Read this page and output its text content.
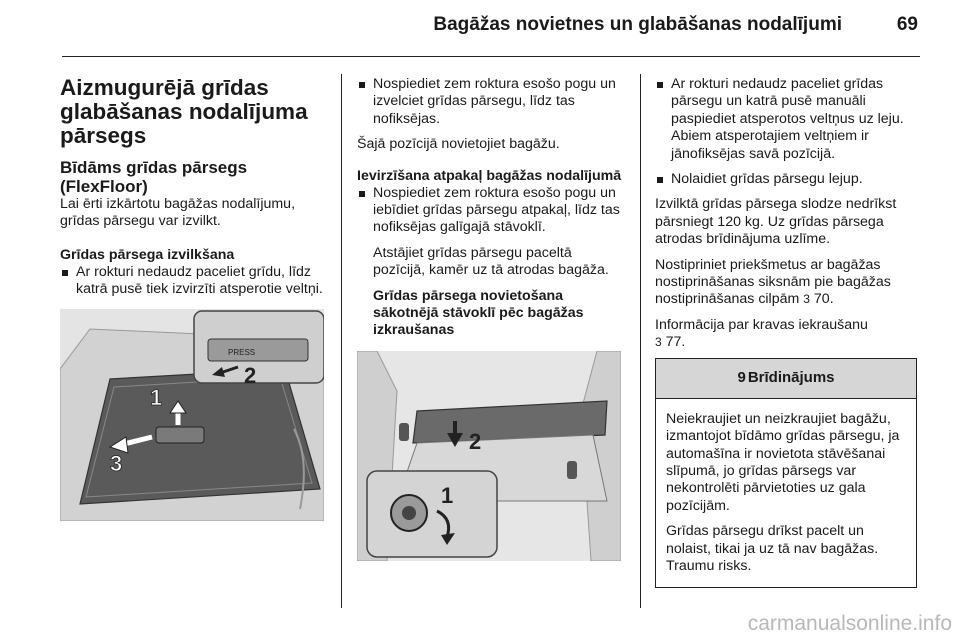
Bagāžas novietnes un glabāšanas nodalījumi	69
Aizmugurējā grīdas glabāšanas nodalījuma pārsegs
Bīdāms grīdas pārsegs (FlexFloor)

Lai ērti izkārtotu bagāžas nodalījumu, grīdas pārsegu var izvilkt.

Grīdas pārsega izvilkšana

Ar rokturi nedaudz paceliet grīdu, līdz katrā pusē tiek izvirzīti atsperotie veltņi.

PRESS
2
1
3

Nospiediet zem roktura esošo pogu un izvelciet grīdas pārsegu, līdz tas nofiksējas.

Šajā pozīcijā novietojiet bagāžu.

Ievirzīšana atpakaļ bagāžas nodalījumā

Nospiediet zem roktura esošo pogu un iebīdiet grīdas pārsegu atpakaļ, līdz tas nofiksējas galīgajā stāvoklī.

Atstājiet grīdas pārsegu paceltā pozīcijā, kamēr uz tā atrodas bagāža.

Grīdas pārsega novietošana sākotnējā stāvoklī pēc bagāžas izkraušanas
2
1

Ar rokturi nedaudz paceliet grīdas pārsegu un katrā pusē manuāli paspiediet atsperotos veltņus uz leju. Abiem atsperotajiem veltņiem ir jānofiksējas savā pozīcijā.

Nolaidiet grīdas pārsegu lejup.

Izvilktā grīdas pārsega slodze nedrīkst pārsniegt 120 kg. Uz grīdas pārsega atrodas brīdinājuma uzlīme.

Nostipriniet priekšmetus ar bagāžas nostiprināšanas siksnām pie bagāžas nostiprināšanas cilpām 3 70.

Informācija par kravas iekraušanu
3 77.

9 Brīdinājums

Neiekraujiet un neizkraujiet bagāžu, izmantojot bīdāmo grīdas pārsegu, ja automašīna ir novietota stāvēšanai slīpumā, jo grīdas pārsegs var nekontrolēti pārvietoties uz gala pozīcijām.

Grīdas pārsegu drīkst pacelt un nolaist, tikai ja uz tā nav bagāžas. Traumu risks.

carmanualsonline.info
